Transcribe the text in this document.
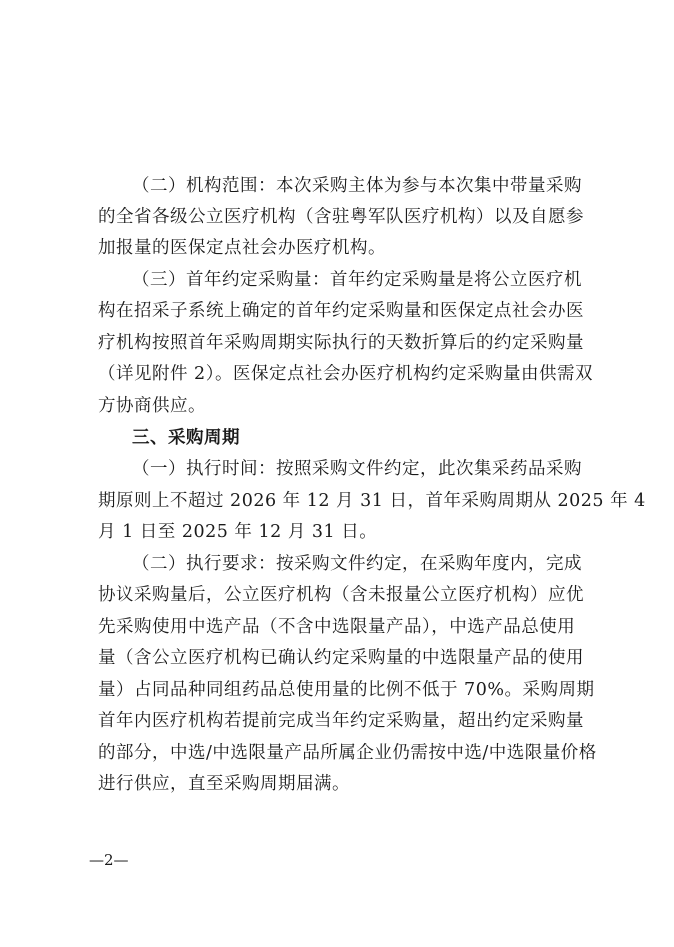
（二）机构范围：本次采购主体为参与本次集中带量采购
的全省各级公立医疗机构（含驻粤军队医疗机构）以及自愿参
加报量的医保定点社会办医疗机构。
（三）首年约定采购量：首年约定采购量是将公立医疗机
构在招采子系统上确定的首年约定采购量和医保定点社会办医
疗机构按照首年采购周期实际执行的天数折算后的约定采购量
（详见附件 2）。医保定点社会办医疗机构约定采购量由供需双
方协商供应。
三、采购周期
（一）执行时间：按照采购文件约定，此次集采药品采购
期原则上不超过 2026 年 12 月 31 日，首年采购周期从 2025 年 4
月 1 日至 2025 年 12 月 31 日。
（二）执行要求：按采购文件约定，在采购年度内，完成
协议采购量后，公立医疗机构（含未报量公立医疗机构）应优
先采购使用中选产品（不含中选限量产品），中选产品总使用
量（含公立医疗机构已确认约定采购量的中选限量产品的使用
量）占同品种同组药品总使用量的比例不低于 70%。采购周期
首年内医疗机构若提前完成当年约定采购量，超出约定采购量
的部分，中选/中选限量产品所属企业仍需按中选/中选限量价格
进行供应，直至采购周期届满。
—2—
